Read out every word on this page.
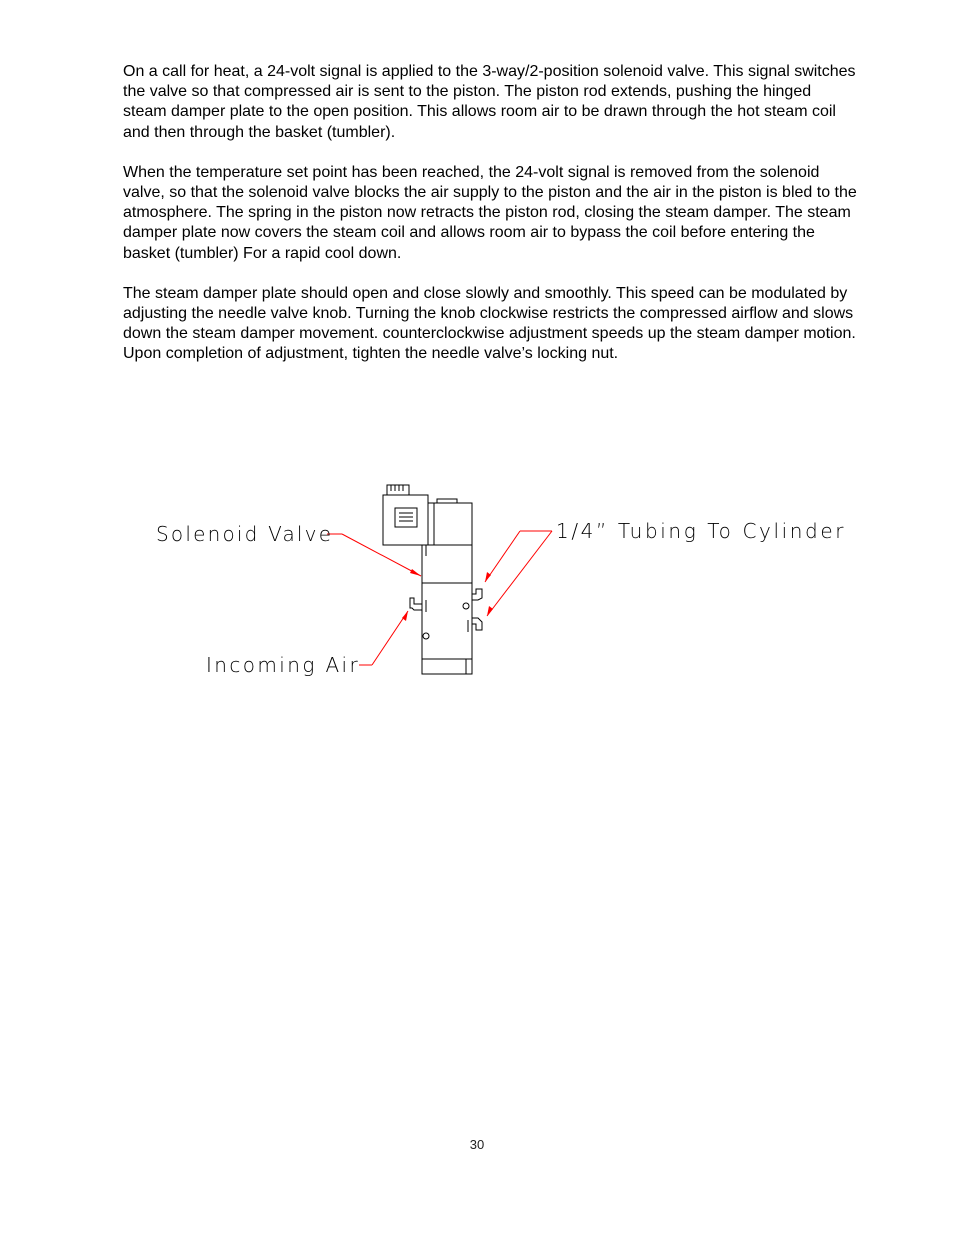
On a call for heat, a 24-volt signal is applied to the 3-way/2-position solenoid valve. This signal switches the valve so that compressed air is sent to the piston. The piston rod extends, pushing the hinged steam damper plate to the open position. This allows room air to be drawn through the hot steam coil and then through the basket (tumbler).

When the temperature set point has been reached, the 24-volt signal is removed from the solenoid valve, so that the solenoid valve blocks the air supply to the piston and the air in the piston is bled to the atmosphere. The spring in the piston now retracts the piston rod, closing the steam damper. The steam damper plate now covers the steam coil and allows room air to bypass the coil before entering the basket (tumbler) For a rapid cool down.

The steam damper plate should open and close slowly and smoothly. This speed can be modulated by adjusting the needle valve knob. Turning the knob clockwise restricts the compressed airflow and slows down the steam damper movement. counterclockwise adjustment speeds up the steam damper motion. Upon completion of adjustment, tighten the needle valve’s locking nut.

Solenoid Valve	1/4” Tubing To Cylinder
Incoming Air
30
